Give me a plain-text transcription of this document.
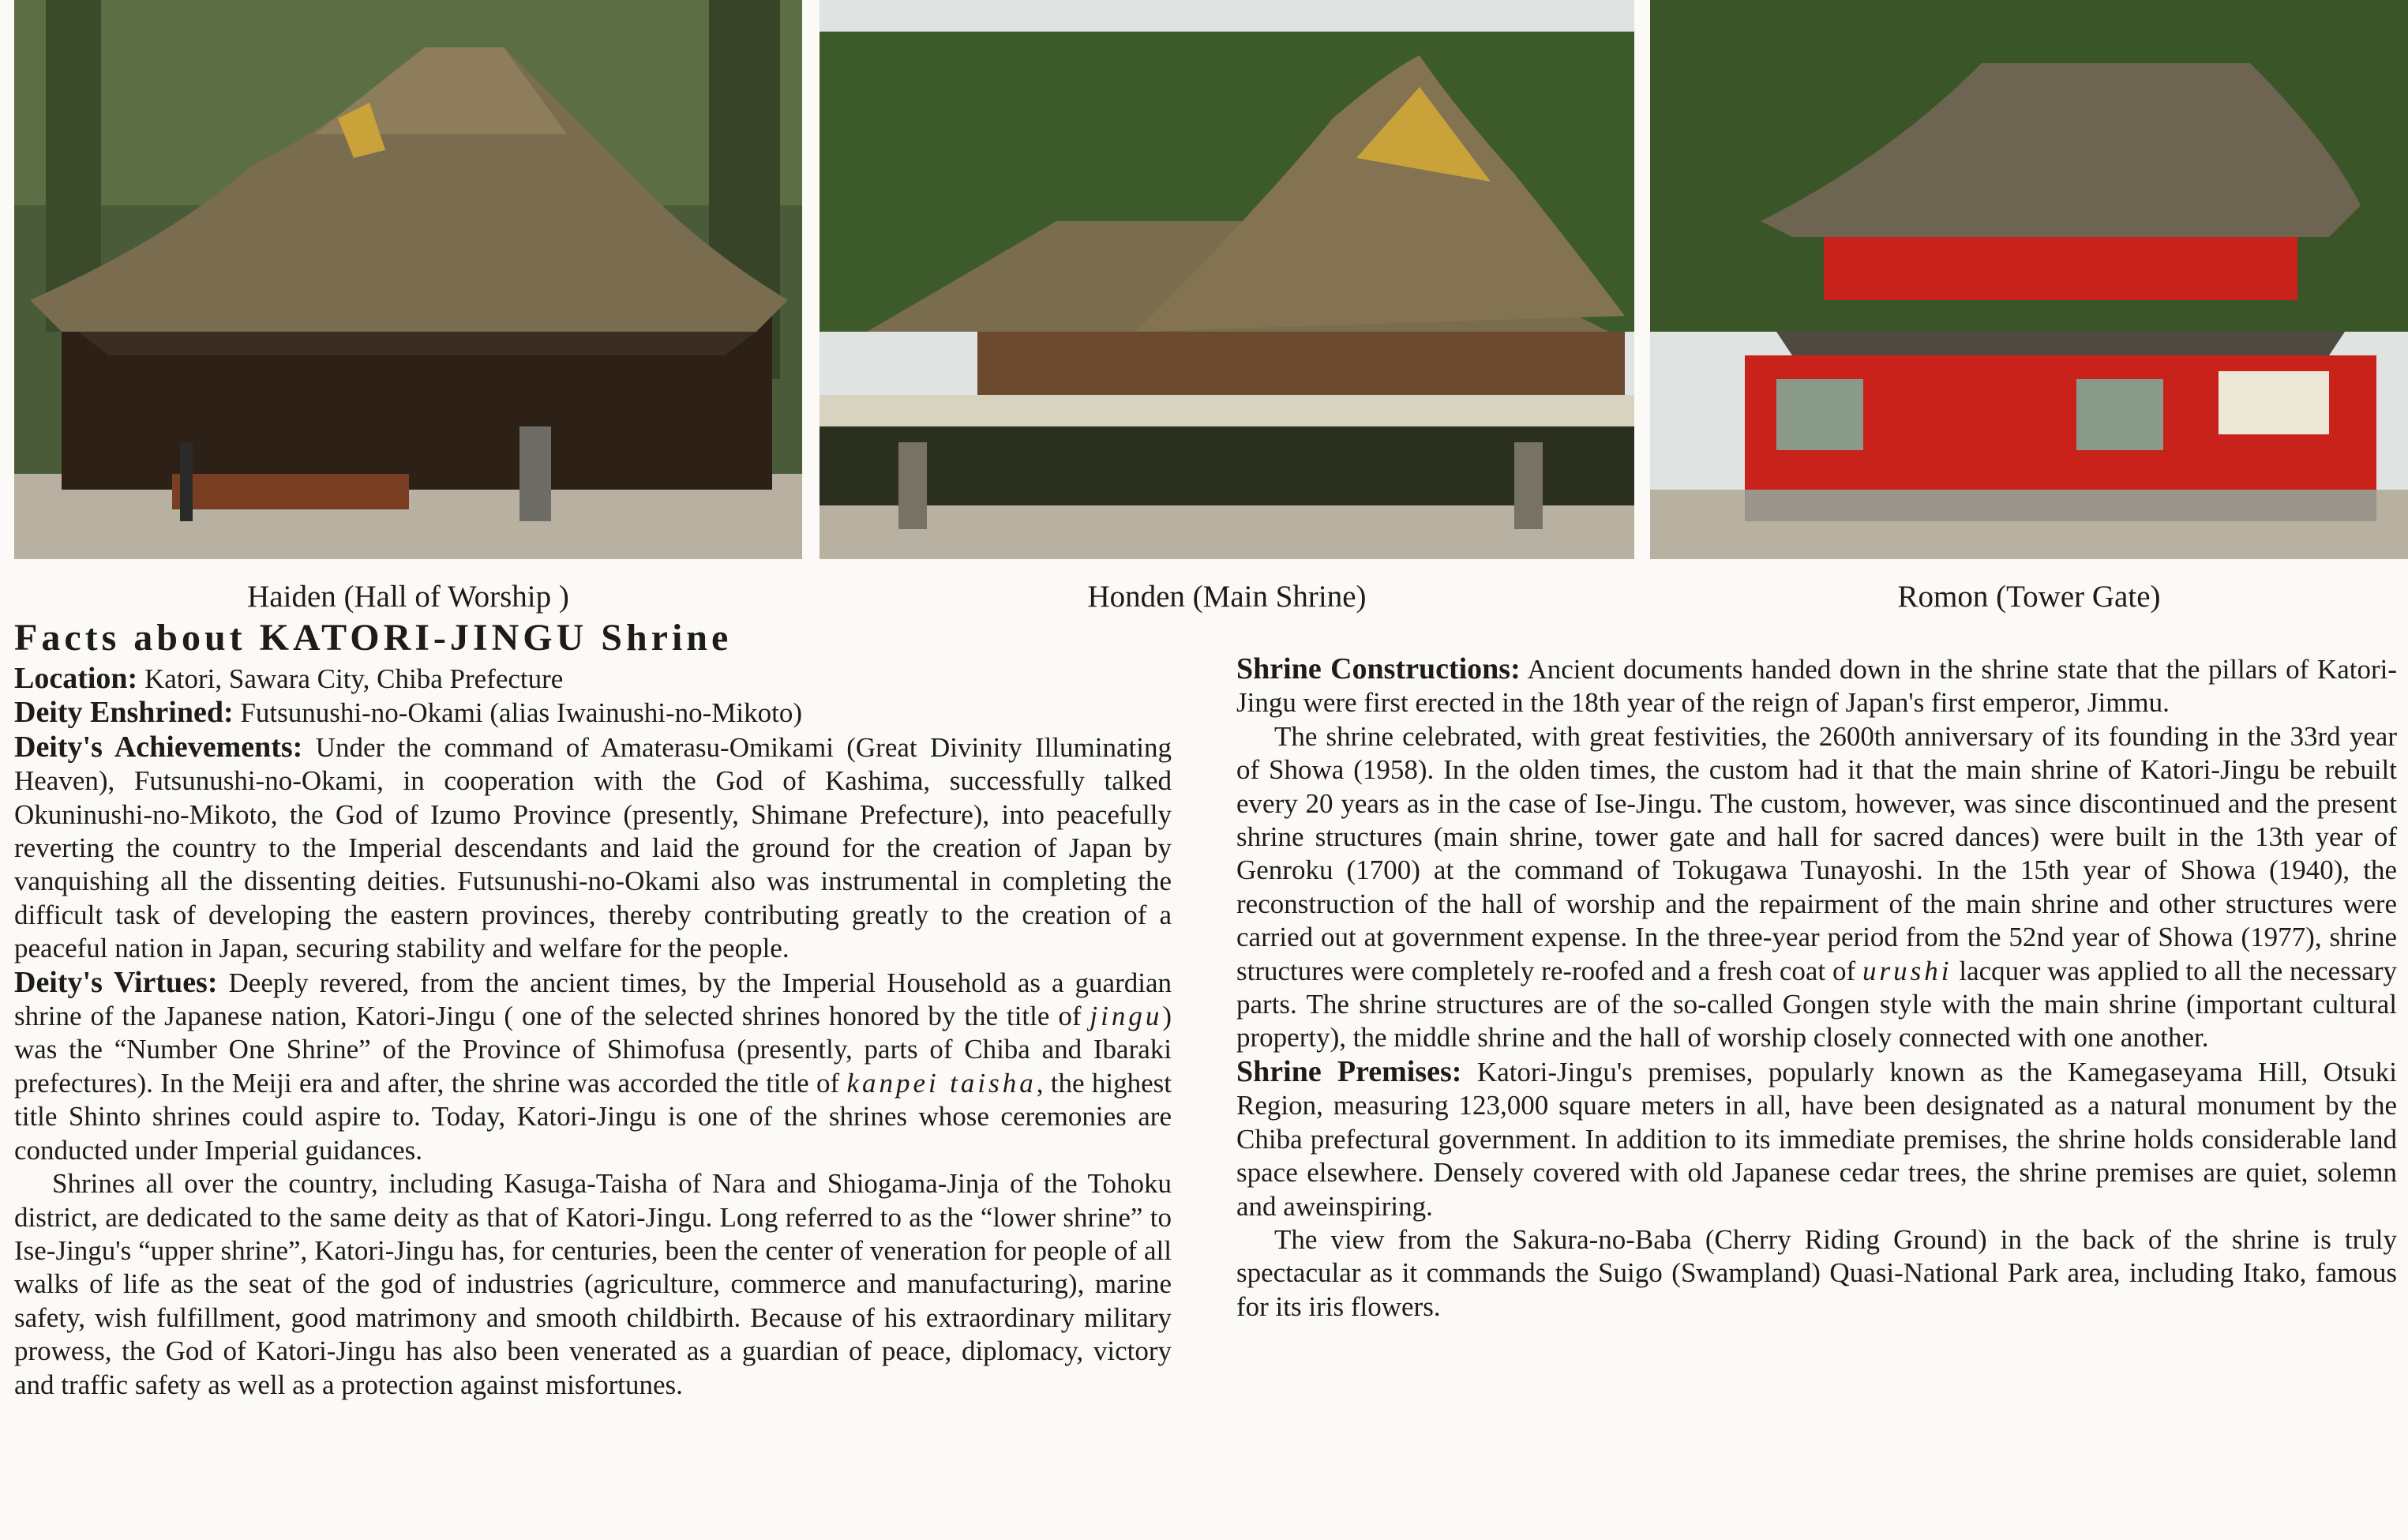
Haiden (Hall of Worship )	Honden (Main Shrine)	Romon (Tower Gate)
Facts about KATORI-JINGU Shrine

Location: Katori, Sawara City, Chiba Prefecture

Deity Enshrined: Futsunushi-no-Okami (alias Iwainushi-no-Mikoto)

Deity's Achievements: Under the command of Amaterasu-Omikami (Great Divinity Illuminating Heaven), Futsunushi-no-Okami, in cooperation with the God of Kashima, successfully talked Okuninushi-no-Mikoto, the God of Izumo Province (presently, Shimane Prefecture), into peacefully reverting the country to the Imperial descendants and laid the ground for the creation of Japan by vanquishing all the dissenting deities. Futsunushi-no-Okami also was instrumental in completing the difficult task of developing the eastern provinces, thereby contributing greatly to the creation of a peaceful nation in Japan, securing stability and welfare for the people.

Deity's Virtues: Deeply revered, from the ancient times, by the Imperial Household as a guardian shrine of the Japanese nation, Katori-Jingu ( one of the selected shrines honored by the title of jingu) was the “Number One Shrine” of the Province of Shimofusa (presently, parts of Chiba and Ibaraki prefectures). In the Meiji era and after, the shrine was accorded the title of kanpei taisha, the highest title Shinto shrines could aspire to. Today, Katori-Jingu is one of the shrines whose ceremonies are conducted under Imperial guidances.

Shrines all over the country, including Kasuga-Taisha of Nara and Shiogama-Jinja of the Tohoku district, are dedicated to the same deity as that of Katori-Jingu. Long referred to as the “lower shrine” to Ise-Jingu's “upper shrine”, Katori-Jingu has, for centuries, been the center of veneration for people of all walks of life as the seat of the god of industries (agriculture, commerce and manufacturing), marine safety, wish fulfillment, good matrimony and smooth childbirth. Because of his extraordinary military prowess, the God of Katori-Jingu has also been venerated as a guardian of peace, diplomacy, victory and traffic safety as well as a protection against misfortunes.

Shrine Constructions: Ancient documents handed down in the shrine state that the pillars of Katori-Jingu were first erected in the 18th year of the reign of Japan's first emperor, Jimmu.

The shrine celebrated, with great festivities, the 2600th anniversary of its founding in the 33rd year of Showa (1958). In the olden times, the custom had it that the main shrine of Katori-Jingu be rebuilt every 20 years as in the case of Ise-Jingu. The custom, however, was since discontinued and the present shrine structures (main shrine, tower gate and hall for sacred dances) were built in the 13th year of Genroku (1700) at the command of Tokugawa Tunayoshi. In the 15th year of Showa (1940), the reconstruction of the hall of worship and the repairment of the main shrine and other structures were carried out at government expense. In the three-year period from the 52nd year of Showa (1977), shrine structures were completely re-roofed and a fresh coat of urushi lacquer was applied to all the necessary parts. The shrine structures are of the so-called Gongen style with the main shrine (important cultural property), the middle shrine and the hall of worship closely connected with one another.

Shrine Premises: Katori-Jingu's premises, popularly known as the Kamegaseyama Hill, Otsuki Region, measuring 123,000 square meters in all, have been designated as a natural monument by the Chiba prefectural government. In addition to its immediate premises, the shrine holds considerable land space elsewhere. Densely covered with old Japanese cedar trees, the shrine premises are quiet, solemn and aweinspiring.

The view from the Sakura-no-Baba (Cherry Riding Ground) in the back of the shrine is truly spectacular as it commands the Suigo (Swampland) Quasi-National Park area, including Itako, famous for its iris flowers.
